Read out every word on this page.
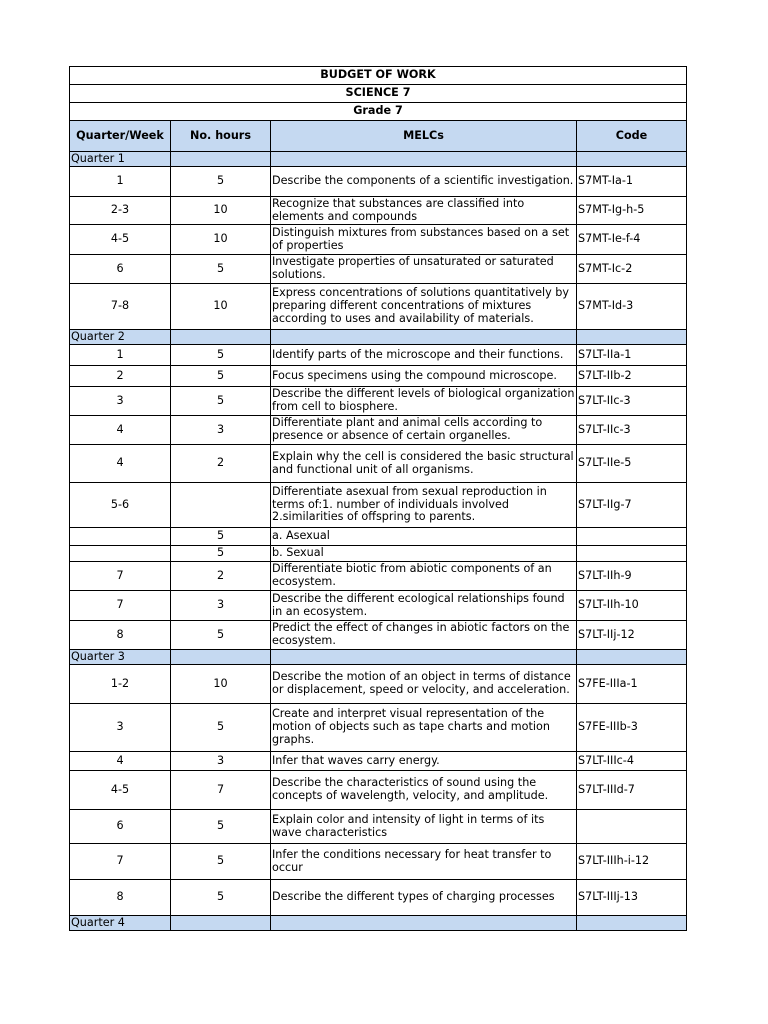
BUDGET OF WORK			
SCIENCE 7			
Grade 7			
Quarter/Week	No. hours	MELCs	Code
Quarter 1			
1	5	Describe the components of a scientific investigation.	S7MT-Ia-1
2-3	10	Recognize that substances are classified into elements and compounds	S7MT-Ig-h-5
4-5	10	Distinguish mixtures from substances based on a set of properties	S7MT-Ie-f-4
6	5	Investigate properties of unsaturated or saturated solutions.	S7MT-Ic-2
7-8	10	Express concentrations of solutions quantitatively by preparing different concentrations of mixtures according to uses and availability of materials.	S7MT-Id-3
Quarter 2			
1	5	Identify parts of the microscope and their functions.	S7LT-IIa-1
2	5	Focus specimens using the compound microscope.	S7LT-IIb-2
3	5	Describe the different levels of biological organization from cell to biosphere.	S7LT-IIc-3
4	3	Differentiate plant and animal cells according to presence or absence of certain organelles.	S7LT-IIc-3
4	2	Explain why the cell is considered the basic structural and functional unit of all organisms.	S7LT-IIe-5
5-6		Differentiate asexual from sexual reproduction in terms of:1. number of individuals involved 2.similarities of offspring to parents.	S7LT-IIg-7
	5	a. Asexual	
	5	b. Sexual	
7	2	Differentiate biotic from abiotic components of an ecosystem.	S7LT-IIh-9
7	3	Describe the different ecological relationships found in an ecosystem.	S7LT-IIh-10
8	5	Predict the effect of changes in abiotic factors on the ecosystem.	S7LT-IIj-12
Quarter 3			
1-2	10	Describe the motion of an object in terms of distance or displacement, speed or velocity, and acceleration.	S7FE-IIIa-1
3	5	Create and interpret visual representation of the motion of objects such as tape charts and motion graphs.	S7FE-IIIb-3
4	3	Infer that waves carry energy.	S7LT-IIIc-4
4-5	7	Describe the characteristics of sound using the concepts of wavelength, velocity, and amplitude.	S7LT-IIId-7
6	5	Explain color and intensity of light in terms of its wave characteristics	
7	5	Infer the conditions necessary for heat transfer to occur	S7LT-IIIh-i-12
8	5	Describe the different types of charging processes	S7LT-IIIj-13
Quarter 4			
